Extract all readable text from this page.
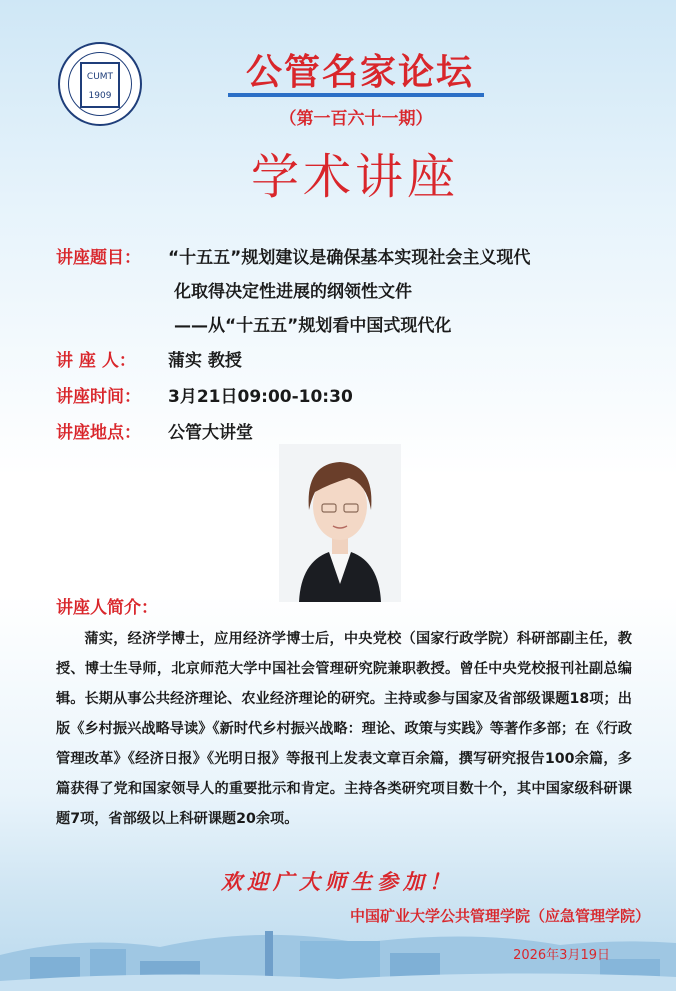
CUMT
1909
公管名家论坛
（第一百六十一期）
学术讲座
讲座题目：	“十五五”规划建议是确保基本实现社会主义现代
化取得决定性进展的纲领性文件
——从“十五五”规划看中国式现代化
讲 座 人：	蒲实 教授
讲座时间：	3月21日09:00-10:30
讲座地点：	公管大讲堂
讲座人简介：
蒲实，经济学博士，应用经济学博士后，中央党校（国家行政学院）科研部副主任，教授、博士生导师，北京师范大学中国社会管理研究院兼职教授。曾任中央党校报刊社副总编辑。长期从事公共经济理论、农业经济理论的研究。主持或参与国家及省部级课题18项；出版《乡村振兴战略导读》《新时代乡村振兴战略：理论、政策与实践》等著作多部；在《行政管理改革》《经济日报》《光明日报》等报刊上发表文章百余篇，撰写研究报告100余篇，多篇获得了党和国家领导人的重要批示和肯定。主持各类研究项目数十个，其中国家级科研课题7项，省部级以上科研课题20余项。
欢迎广大师生参加！
中国矿业大学公共管理学院（应急管理学院）
2026年3月19日
